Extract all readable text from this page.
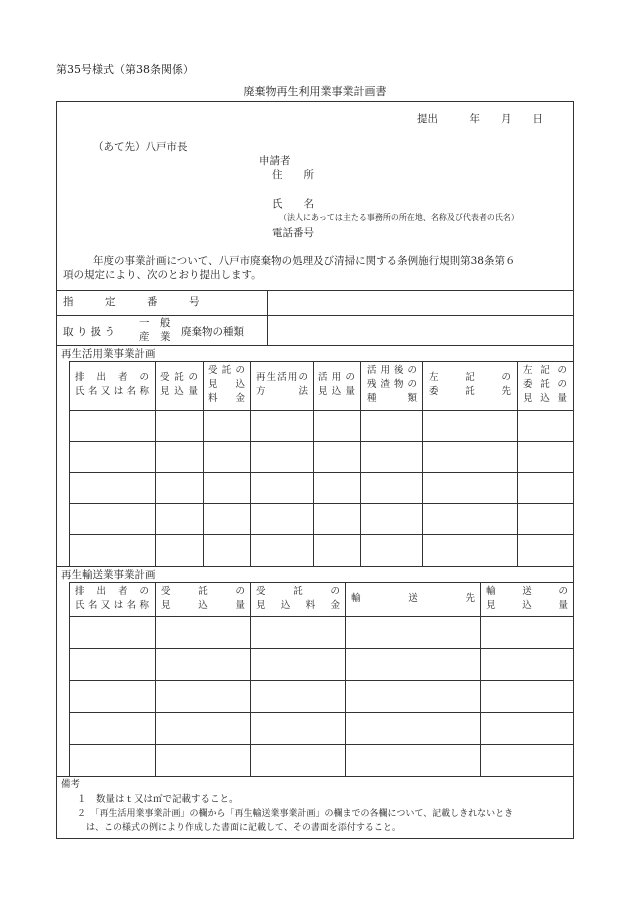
第35号様式（第38条関係）
廃棄物再生利用業事業計画書
提出　　　年　　月　　日
（あて先）八戸市長
申請者
住　　所
氏　　名
（法人にあっては主たる事務所の所在地、名称及び代表者の氏名）
電話番号
年度の事業計画について、八戸市廃棄物の処理及び清掃に関する条例施行規則第38条第６
項の規定により、次のとおり提出します。
指　　　定　　　番　　　号
取 り 扱 う
一　般
産　業 廃棄物の種類
再生活用業事業計画
排　出　者　の
氏名又は名称
受託の
見込量
受託の
見　込
料　金
再生活用の
方　　法
活用の
見込量
活用後の
残渣物の
種　　類
左　記　の
委　託　先
左記の
委託の
見込量
再生輸送業事業計画
排　出　者　の
氏名又は名称
受　　託　　の
見　　込　　量
受　　託　　の
見　込　料　金
輸　　送　　先
輸　　送　　の
見　　込　　量
備考
１　数量はｔ又は㎥で記載すること。
２　「再生活用業事業計画」の欄から「再生輸送業事業計画」の欄までの各欄について、記載しきれないとき
　は、この様式の例により作成した書面に記載して、その書面を添付すること。
